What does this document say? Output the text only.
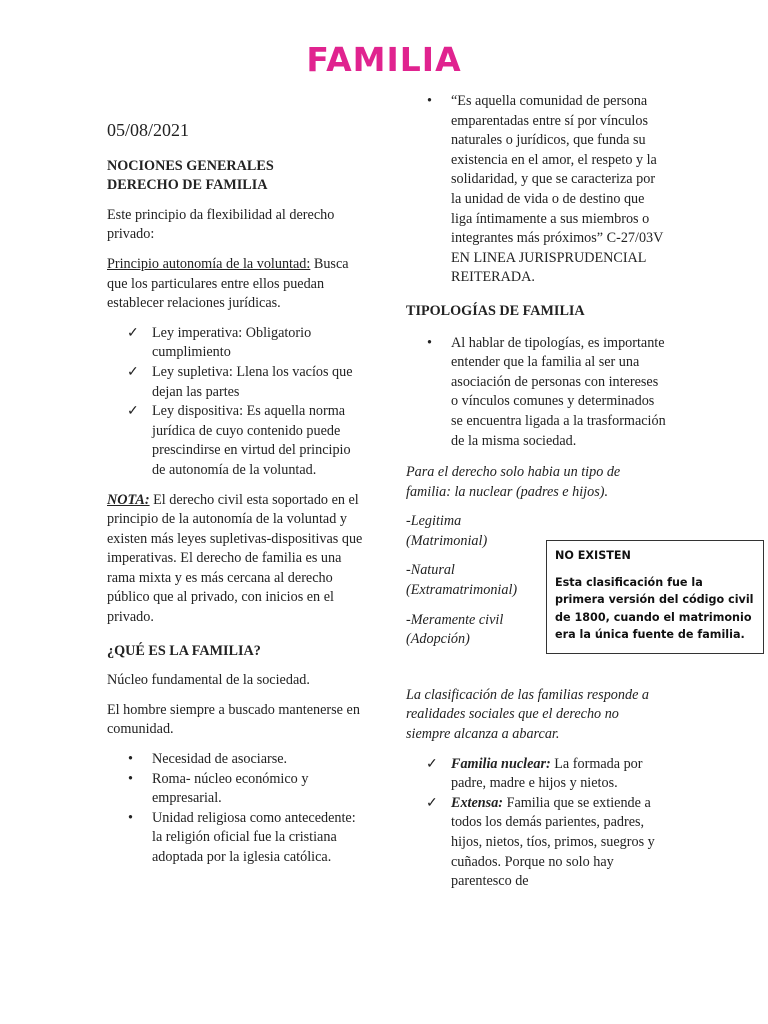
FAMILIA

05/08/2021

NOCIONES GENERALES
DERECHO DE FAMILIA

Este principio da flexibilidad al derecho privado:

Principio autonomía de la voluntad: Busca que los particulares entre ellos puedan establecer relaciones jurídicas.

✓ Ley imperativa: Obligatorio cumplimiento
✓ Ley supletiva: Llena los vacíos que dejan las partes
✓ Ley dispositiva: Es aquella norma jurídica de cuyo contenido puede prescindirse en virtud del principio de autonomía de la voluntad.

NOTA: El derecho civil esta soportado en el principio de la autonomía de la voluntad y existen más leyes supletivas-dispositivas que imperativas. El derecho de familia es una rama mixta y es más cercana al derecho público que al privado, con inicios en el privado.

¿QUÉ ES LA FAMILIA?

Núcleo fundamental de la sociedad.

El hombre siempre a buscado mantenerse en comunidad.

• Necesidad de asociarse.
• Roma- núcleo económico y empresarial.
• Unidad religiosa como antecedente: la religión oficial fue la cristiana adoptada por la iglesia católica.
• “Es aquella comunidad de persona emparentadas entre sí por vínculos naturales o jurídicos, que funda su existencia en el amor, el respeto y la solidaridad, y que se caracteriza por la unidad de vida o de destino que liga íntimamente a sus miembros o integrantes más próximos” C-27/03V EN LINEA JURISPRUDENCIAL REITERADA.

TIPOLOGÍAS DE FAMILIA

• Al hablar de tipologías, es importante entender que la familia al ser una asociación de personas con intereses o vínculos comunes y determinados se encuentra ligada a la trasformación de la misma sociedad.

Para el derecho solo habia un tipo de familia: la nuclear (padres e hijos).

-Legitima (Matrimonial)

-Natural (Extramatrimonial)

-Meramente civil (Adopción)

La clasificación de las familias responde a realidades sociales que el derecho no siempre alcanza a abarcar.

✓ Familia nuclear: La formada por padre, madre e hijos y nietos.
✓ Extensa: Familia que se extiende a todos los demás parientes, padres, hijos, nietos, tíos, primos, suegros y cuñados. Porque no solo hay parentesco de
NO EXISTEN
Esta clasificación fue la primera versión del código civil de 1800, cuando el matrimonio era la única fuente de familia.
